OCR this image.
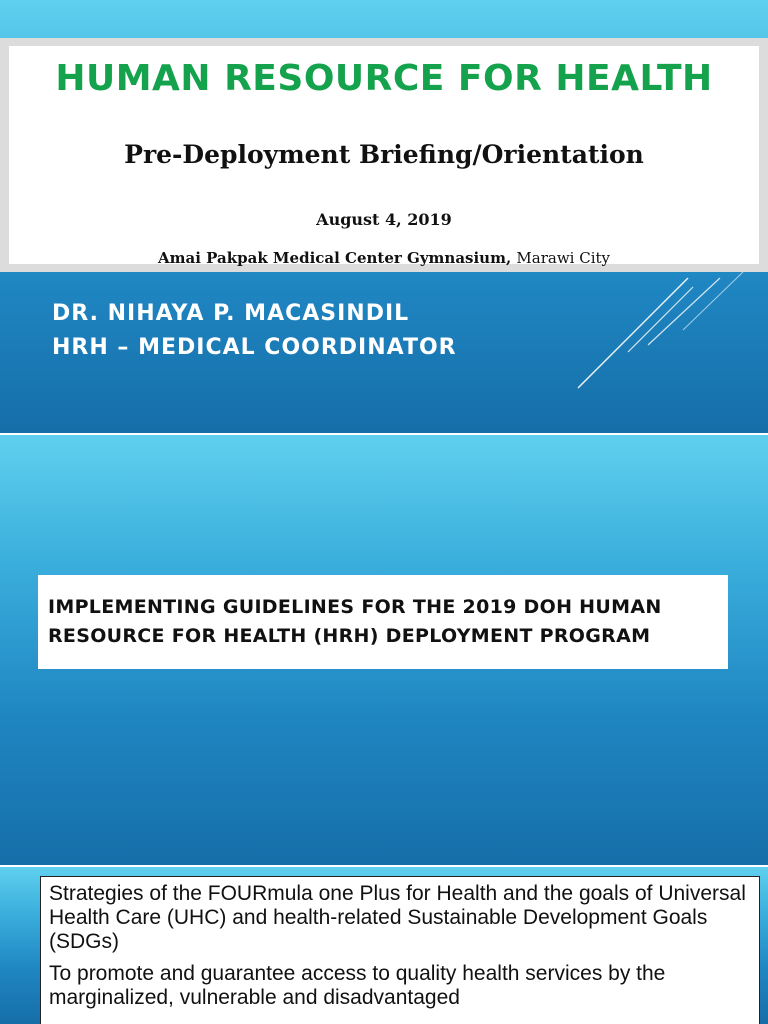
HUMAN RESOURCE FOR HEALTH
Pre-Deployment Briefing/Orientation
August 4, 2019
Amai Pakpak Medical Center Gymnasium, Marawi City
DR. NIHAYA P. MACASINDIL
HRH – MEDICAL COORDINATOR
IMPLEMENTING GUIDELINES FOR THE 2019 DOH HUMAN RESOURCE FOR HEALTH (HRH) DEPLOYMENT PROGRAM

Strategies of the FOURmula one Plus for Health and the goals of Universal Health Care (UHC) and health-related Sustainable Development Goals (SDGs)

To promote and guarantee access to quality health services by the marginalized, vulnerable and disadvantaged
